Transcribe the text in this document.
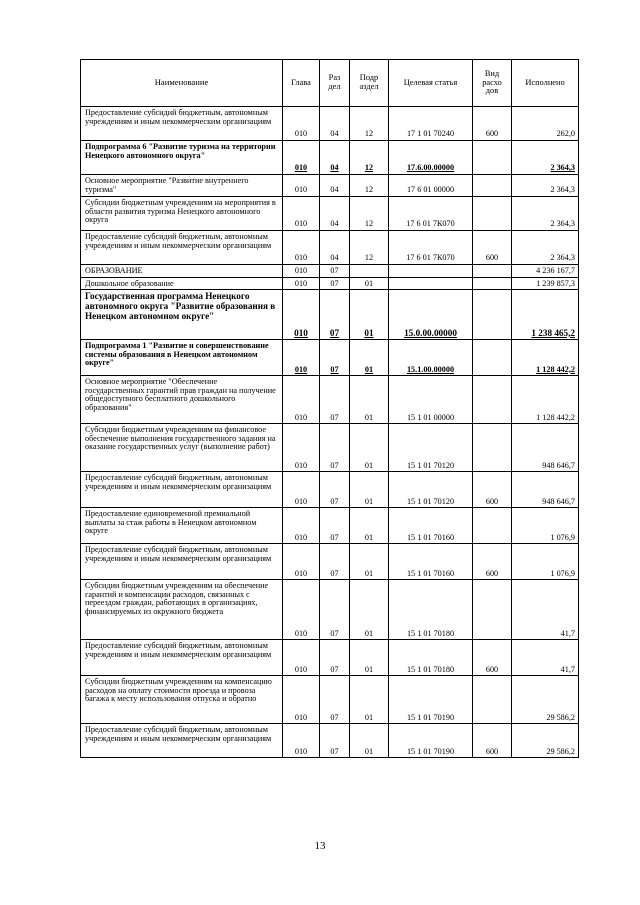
Наименование	Глава	Раз дел	Подр аздел	Целевая статья	Вид расхо дов	Исполнено
Предоставление субсидий бюджетным, автономным учреждениям и иным некоммерческим организациям	010	04	12	17 1 01 70240	600	262,0
Подпрограмма 6 "Развитие туризма на территории Ненецкого автономного округа"	010	04	12	17.6.00.00000		2 364,3
Основное мероприятие "Развитие внутреннего туризма"	010	04	12	17 6 01 00000		2 364,3
Субсидии бюджетным учреждениям на мероприятия в области развития туризма Ненецкого автономного округа	010	04	12	17 6 01 7К070		2 364,3
Предоставление субсидий бюджетным, автономным учреждениям и иным некоммерческим организациям	010	04	12	17 6 01 7К070	600	2 364,3
ОБРАЗОВАНИЕ	010	07				4 236 167,7
Дошкольное образование	010	07	01			1 239 857,3
Государственная программа Ненецкого автономного округа "Развитие образования в Ненецком автономном округе"	010	07	01	15.0.00.00000		1 238 465,2
Подпрограмма 1 "Развитие и совершенствование системы образования в Ненецком автономном округе"	010	07	01	15.1.00.00000		1 128 442,2
Основное мероприятие "Обеспечение государственных гарантий прав граждан на получение общедоступного бесплатного дошкольного образования"	010	07	01	15 1 01 00000		1 128 442,2
Субсидии бюджетным учреждениям на финансовое обеспечение выполнения государственного задания на оказание государственных услуг (выполнение работ)	010	07	01	15 1 01 70120		948 646,7
Предоставление субсидий бюджетным, автономным учреждениям и иным некоммерческим организациям	010	07	01	15 1 01 70120	600	948 646,7
Предоставление единовременной премиальной выплаты за стаж работы в Ненецком автономном округе	010	07	01	15 1 01 70160		1 076,9
Предоставление субсидий бюджетным, автономным учреждениям и иным некоммерческим организациям	010	07	01	15 1 01 70160	600	1 076,9
Субсидии бюджетным учреждениям на обеспечение гарантий и компенсации расходов, связанных с переездом граждан, работающих в организациях, финансируемых из окружного бюджета	010	07	01	15 1 01 70180		41,7
Предоставление субсидий бюджетным, автономным учреждениям и иным некоммерческим организациям	010	07	01	15 1 01 70180	600	41,7
Субсидии бюджетным учреждениям на компенсацию расходов на оплату стоимости проезда и провоза багажа к месту использования отпуска и обратно	010	07	01	15 1 01 70190		29 586,2
Предоставление субсидий бюджетным, автономным учреждениям и иным некоммерческим организациям	010	07	01	15 1 01 70190	600	29 586,2
13
